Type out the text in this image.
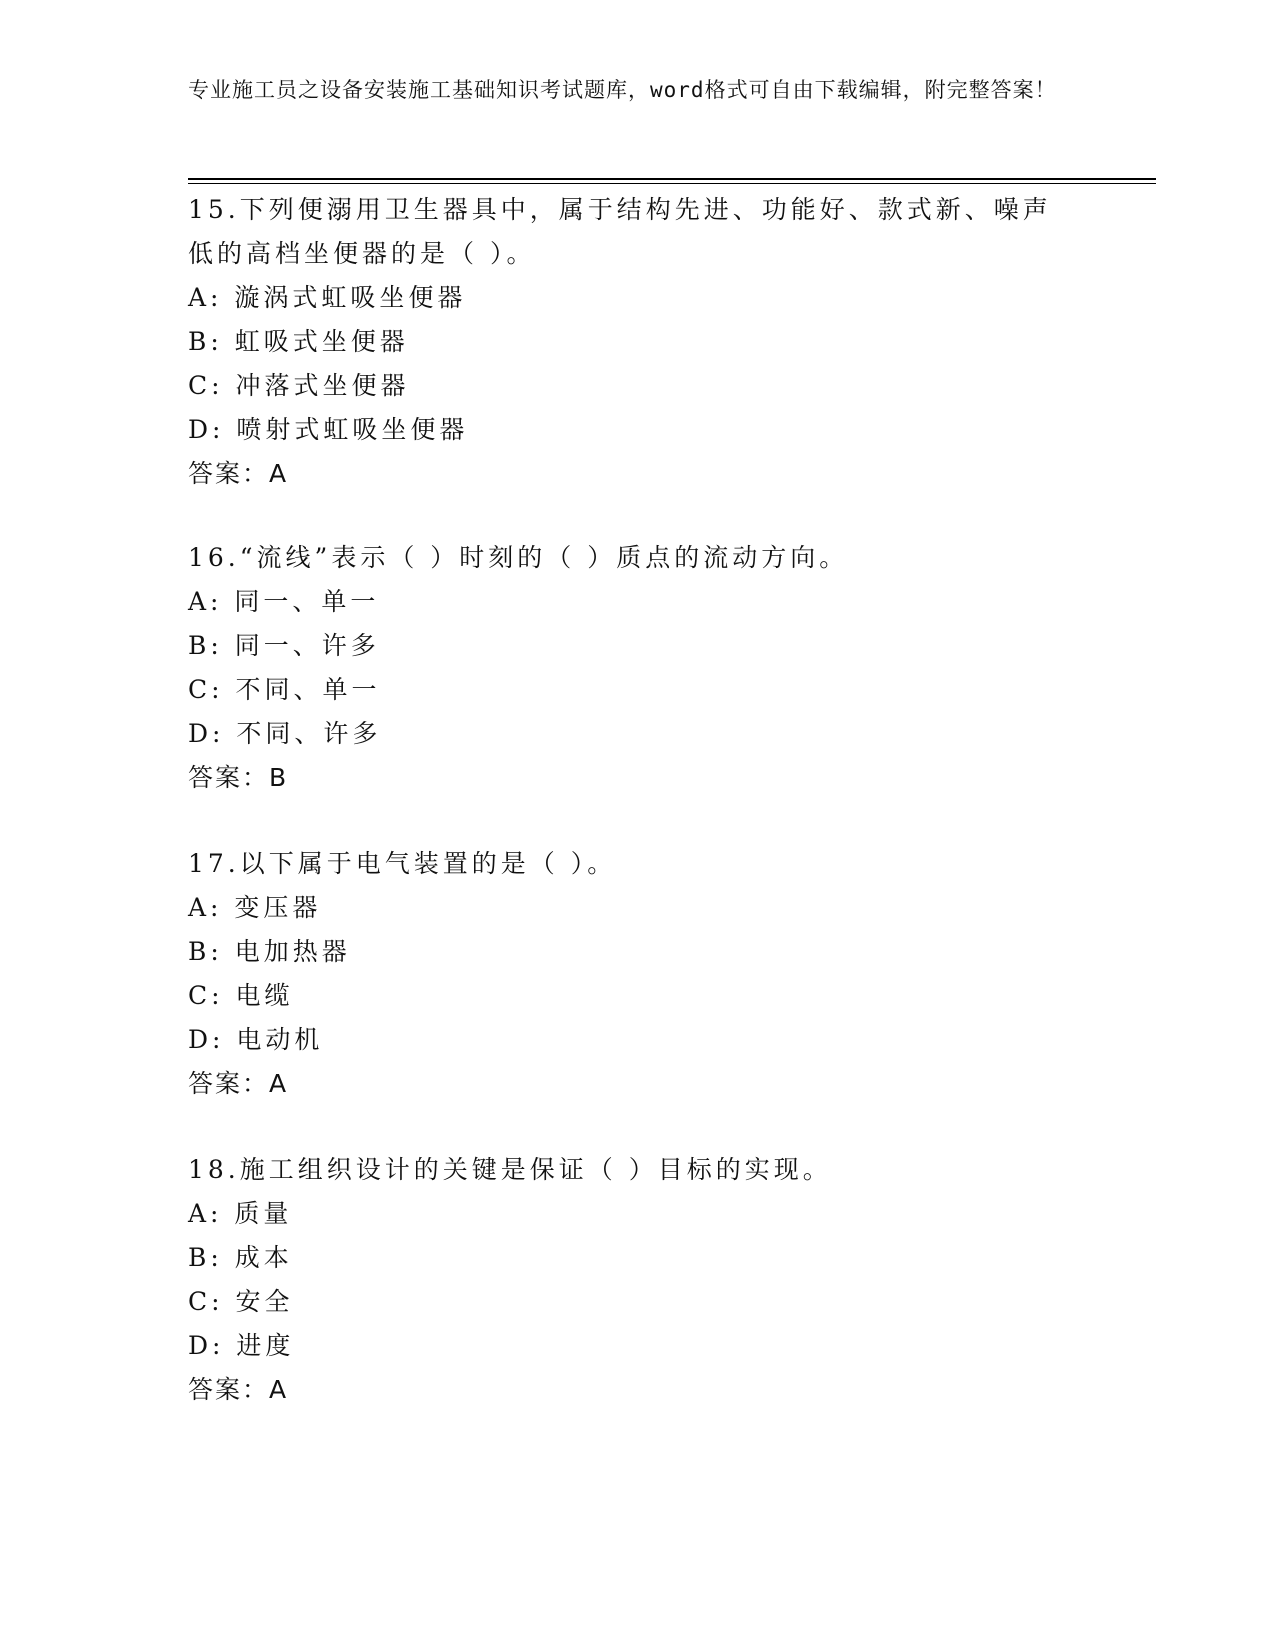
专业施工员之设备安装施工基础知识考试题库，word格式可自由下载编辑，附完整答案！
15.下列便溺用卫生器具中，属于结构先进、功能好、款式新、噪声低的高档坐便器的是（ ）。
A: 漩涡式虹吸坐便器
B: 虹吸式坐便器
C: 冲落式坐便器
D: 喷射式虹吸坐便器
答案：A
16.“流线”表示（ ）时刻的（ ）质点的流动方向。
A: 同一、单一
B: 同一、许多
C: 不同、单一
D: 不同、许多
答案：B
17.以下属于电气装置的是（ ）。
A: 变压器
B: 电加热器
C: 电缆
D: 电动机
答案：A
18.施工组织设计的关键是保证（ ）目标的实现。
A: 质量
B: 成本
C: 安全
D: 进度
答案：A
